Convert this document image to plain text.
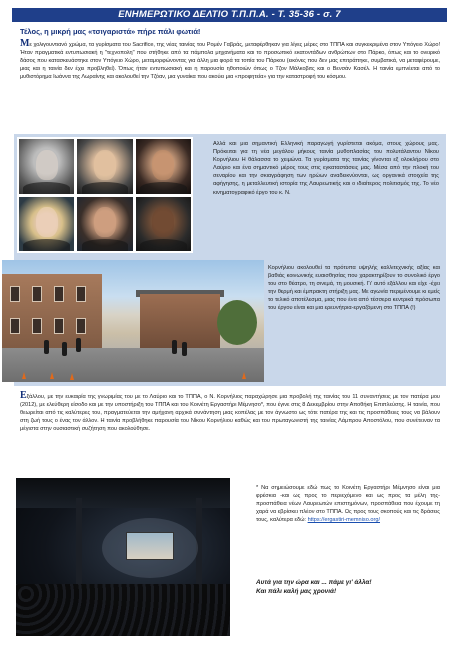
ΕΝΗΜΕΡΩΤΙΚΟ ΔΕΛΤΙΟ Τ.Π.Π.Α. - Τ. 35-36 - σ. 7
Τέλος, η μικρή μας «τσιγαριστά» πήρε πάλι φωτιά!

Με χολιγουντιανό χρώμα, τα γυρίσματα του Sacrifice, της νέας ταινίας του Ρομέν Γαβράς, μεταφέρθηκαν για λίγες μέρες στο ΤΠΠΑ και συγκεκριμένα στον Υπόγειο Χώρο! Ήταν πραγματικά εντυπωσιακή η "τεχνοπολη" που στήθηκε από τα πάμπολα μηχανήματα και το προσωπικό εκατοντάδων ανθρώπων στο Πάρκο, όπως και το ονειρικό δάσος που κατασκευάστηκε στον Υπόγειο Χώρο, μεταμορφώνοντας για άλλη μια φορά τα τοπία του Πάρκου (εικόνες που δεν μας επιτράπηκε, συμβατικά, να μεταφέρουμε, μιας και η ταινία δεν έχει προβληθεί). Όπως ήταν εντυπωσιακή και η παρουσία ηθοποιών όπως ο Τζον Μάλκοβιτς και ο Βενσάν Κασέλ. Η ταινία εμπνέεται από το μυθιστόρημα Ιωάννα της Λωραίνης και ακολουθεί την Τζόαν, μια γυναίκα που ακούει μια «προφητεία» για την καταστροφή του κόσμου.

Αλλά και μια σημαντική Ελληνική παραγωγή γυρίστεται ακόμα, στους χώρους μας. Πρόκειται για τη νέα μεγάλου μήκους ταινία μυθοπλασίας του πολυτάλαντου Νίκου Κορνήλιου Η θάλασσα το χειμώνα. Τα γυρίσματα της ταινίας γίνονται εξ ολοκλήρου στο Λαύριο και ένα σημαντικό μέρος τους στις εγκαταστάσεις μας. Μέσα από την πλοκή του σεναρίου και την σκιαγράφηση των ηρώων αναδεικνύονται, ως οργανικά στοιχεία της αφήγησης, η μεταλλευτική ιστορία της Λαυρεωτικής και ο ιδιαίτερος πολιτισμός της. Το νέο κινηματογραφικό έργο του κ. Ν.

Κορνήλιου ακολουθεί τα πρότυπα υψηλής καλλιτεχνικής αξίας και βαθιάς κοινωνικής ευαισθησίας που χαρακτηρίζουν το συνολικό έργο του στο θέατρο, τη σινεμά, τη μουσική. Γι' αυτό εξάλλου και είχε -έχει την θερμή και έμπρακτη στήριξη μας. Με αγωνία περιμένουμε κι εμείς το τελικό αποτέλεσμα, μιας που ένα από τέσσερα κεντρικά πρόσωπα του έργου είναι και μια ερευνήτρια-εργαζόμενη στο ΤΠΠΑ (!)

Εξάλλου, με την ευκαιρία της γνωριμίας του με το Λαύριο και το ΤΠΠΑ, ο Ν. Κορνήλιος παραχώρησε μια προβολή της ταινίας του 11 συναντήσεις με τον πατέρα μου (2012), με ελεύθερη είσοδο και με την υποστήριξη του ΤΠΠΑ και του Κοινέτη Εργαστήρι Μέμνησο*, που έγινε στις 8 Δεκεμβρίου στην Αποθήκη Επιπλεύσης. Η ταινία, που θεωρείται από τις καλύτερες του, πραγματεύεται την αμήχανη αρχικά συνάντηση μιας κοπέλας με τον άγνωστο ως τότε πατέρα της και τις προσπάθειες τους να βάλουν στη ζωή τους ο ένας τον άλλον. Η ταινία προβλήθηκε παρουσία του Νίκου Κορνήλιου καθώς και του πρωταγωνιστή της ταινίας Λάμπρου Αποστόλου, που συνέτειναν τα μέγιστα στην ουσιαστική συζήτηση που ακολούθησε.

* Να σημειώσουμε εδώ πως το Κοινέτη Εργαστήρι Μέμνησο είναι μια φρέσκια -και ως προς το περιεχόμενο και ως προς τα μέλη της- προσπάθεια νέων Λαυρεωτών επιστημόνων, προσπάθεια που έχουμε τη χαρά να εβρίσκει πλέον στο ΤΠΠΑ. Ως προς τους σκοπούς και τις δράσεις τους, καλύτερα εδώ: https://ergastiri-memniso.org/

Αυτά για την ώρα και ... πάμε γι' άλλα!
Και πάλι καλή μας χρονιά!
